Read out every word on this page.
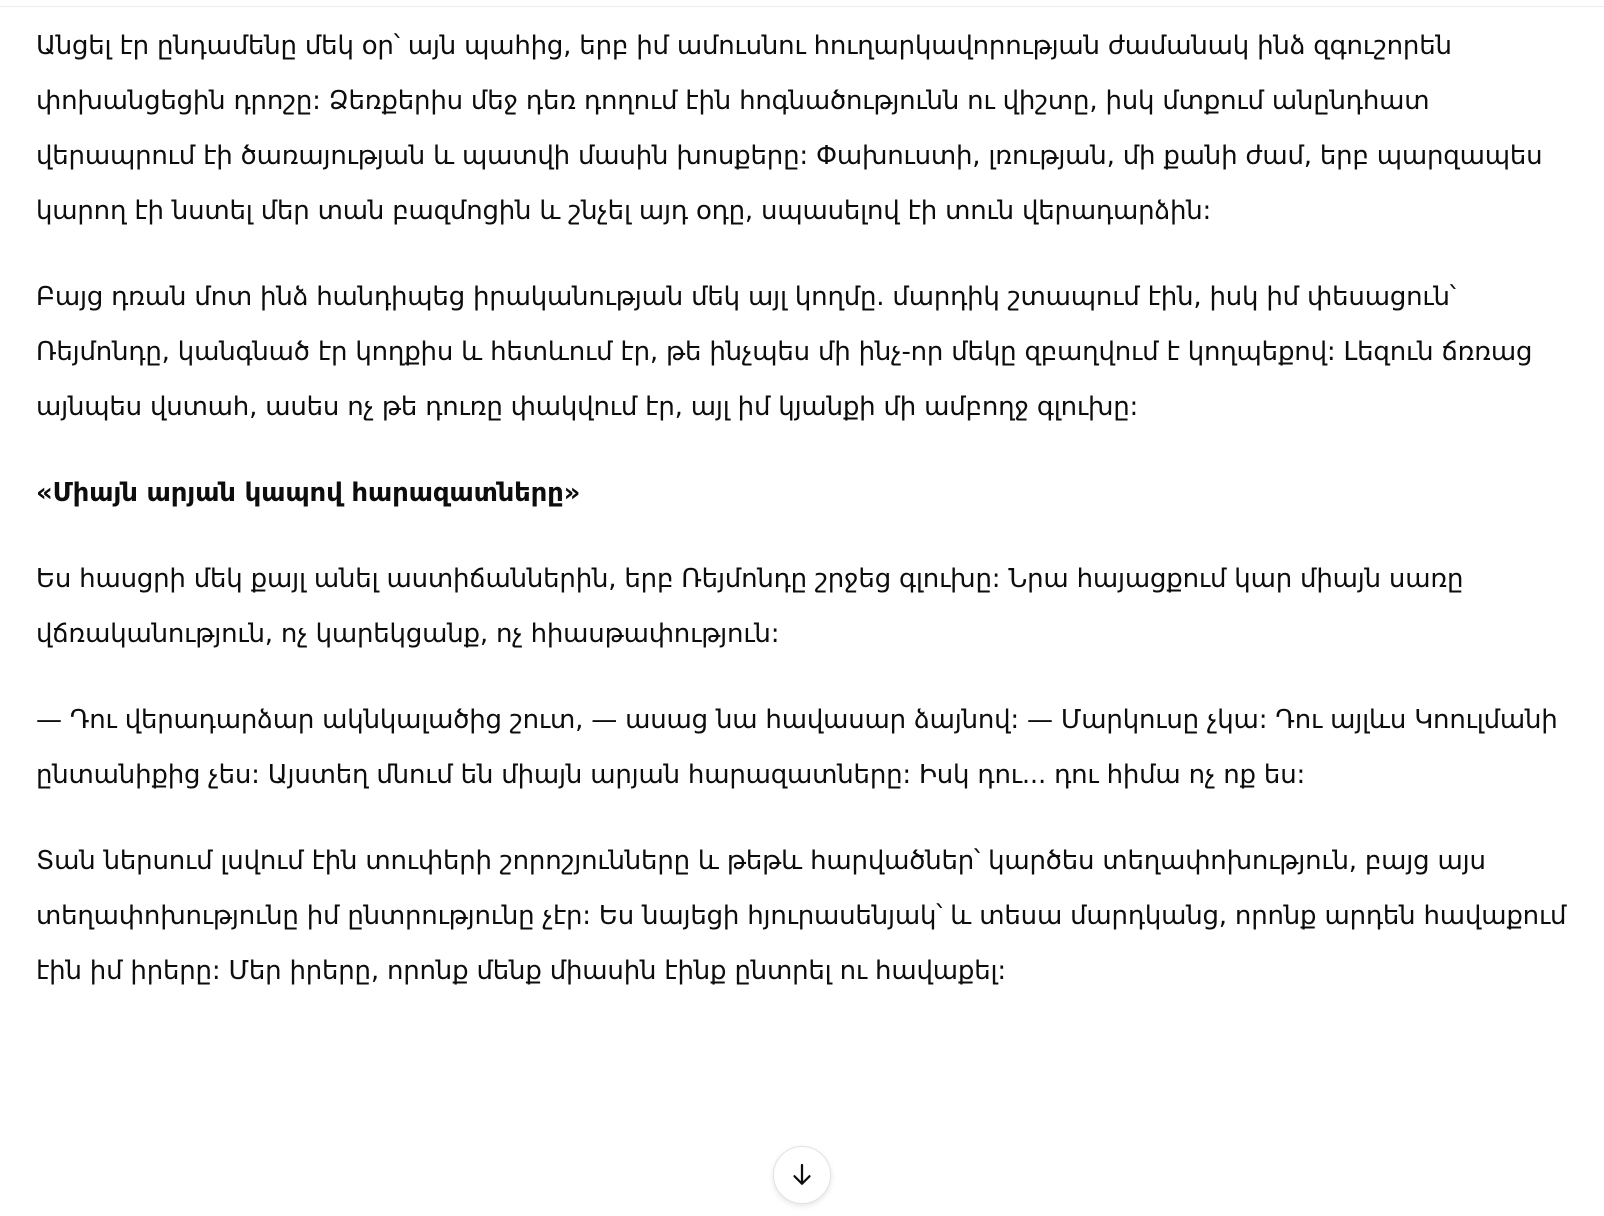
Անցել էր ընդամենը մեկ օր՝ այն պահից, երբ իմ ամուսնու հուղարկավորության ժամանակ ինձ զգուշորեն փոխանցեցին դրոշը: Ձեռքերիս մեջ դեռ դողում էին հոգնածությունն ու վիշտը, իսկ մտքում անընդհատ վերապրում էի ծառայության և պատվի մասին խոսքերը: Փախուստի, լռության, մի քանի ժամ, երբ պարզապես կարող էի նստել մեր տան բազմոցին և շնչել այդ օդը, սպասելով էի տուն վերադարձին:

Բայց դռան մոտ ինձ հանդիպեց իրականության մեկ այլ կողմը. մարդիկ շտապում էին, իսկ իմ փեսացուն՝ Ռեյմոնդը, կանգնած էր կողքիս և հետևում էր, թե ինչպես մի ինչ-որ մեկը զբաղվում է կողպեքով: Լեզուն ճռռաց այնպես վստահ, ասես ոչ թե դուռը փակվում էր, այլ իմ կյանքի մի ամբողջ գլուխը:

«Միայն արյան կապով հարազատները»

Ես հասցրի մեկ քայլ անել աստիճաններին, երբ Ռեյմոնդը շրջեց գլուխը: Նրա հայացքում կար միայն սառը վճռականություն, ոչ կարեկցանք, ոչ հիասթափություն:

— Դու վերադարձար ակնկալածից շուտ, — ասաց նա հավասար ձայնով: — Մարկուսը չկա: Դու այլևս Կոուլմանի ընտանիքից չես: Այստեղ մնում են միայն արյան հարազատները: Իսկ դու... դու հիմա ոչ ոք ես:

Տան ներսում լսվում էին տուփերի շորոշյունները և թեթև հարվածներ՝ կարծես տեղափոխություն, բայց այս տեղափոխությունը իմ ընտրությունը չէր: Ես նայեցի հյուրասենյակ՝ և տեսա մարդկանց, որոնք արդեն հավաքում էին իմ իրերը: Մեր իրերը, որոնք մենք միասին էինք ընտրել ու հավաքել:
